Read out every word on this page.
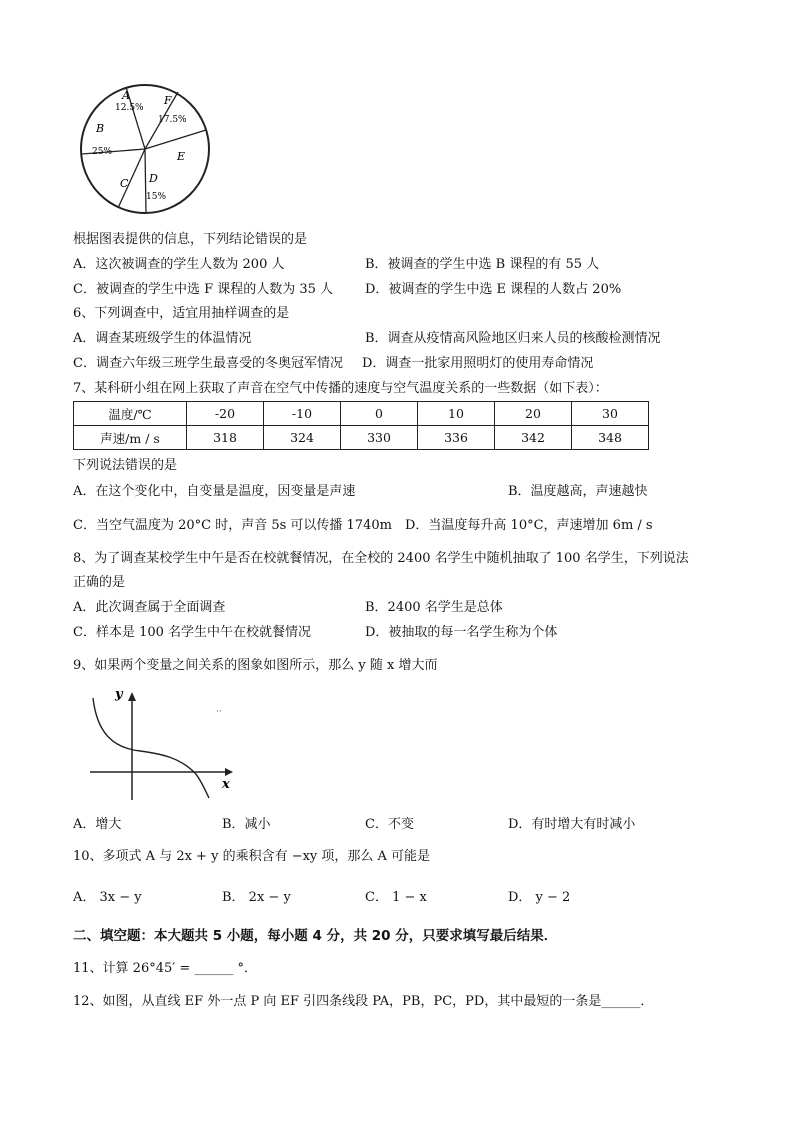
A	F
B
E
C D
12.5%
17.5%
25%
15%
根据图表提供的信息，下列结论错误的是
A．这次被调查的学生人数为 200 人	B．被调查的学生中选 B 课程的有 55 人
C．被调查的学生中选 F 课程的人数为 35 人 D．被调查的学生中选 E 课程的人数占 20%
6、下列调查中，适宜用抽样调查的是
A．调查某班级学生的体温情况	B．调查从疫情高风险地区归来人员的核酸检测情况
C．调查六年级三班学生最喜受的冬奥冠军情况 D．调查一批家用照明灯的使用寿命情况
7、某科研小组在网上获取了声音在空气中传播的速度与空气温度关系的一些数据（如下表）：
温度/℃	-20	-10	0	10	20	30
声速/m / s	318	324	330	336	342	348
下列说法错误的是
A．在这个变化中，自变量是温度，因变量是声速	B．温度越高，声速越快
C．当空气温度为 20°C 时，声音 5s 可以传播 1740m D．当温度每升高 10°C，声速增加 6m / s
8、为了调查某校学生中午是否在校就餐情况，在全校的 2400 名学生中随机抽取了 100 名学生，下列说法
正确的是
A．此次调查属于全面调查	B．2400 名学生是总体
C．样本是 100 名学生中午在校就餐情况	D．被抽取的每一名学生称为个体
9、如果两个变量之间关系的图象如图所示，那么 y 随 x 增大而
y
x
··
A．增大	B．减小	C．不变	D．有时增大有时减小
10、多项式 A 与 2x + y 的乘积含有 −xy 项，那么 A 可能是
A． 3x − y	B． 2x − y	C． 1 − x	D． y − 2
二、填空题：本大题共 5 小题，每小题 4 分，共 20 分，只要求填写最后结果．
11、计算 26°45′ = ______ °．
12、如图，从直线 EF 外一点 P 向 EF 引四条线段 PA，PB，PC，PD，其中最短的一条是______．
